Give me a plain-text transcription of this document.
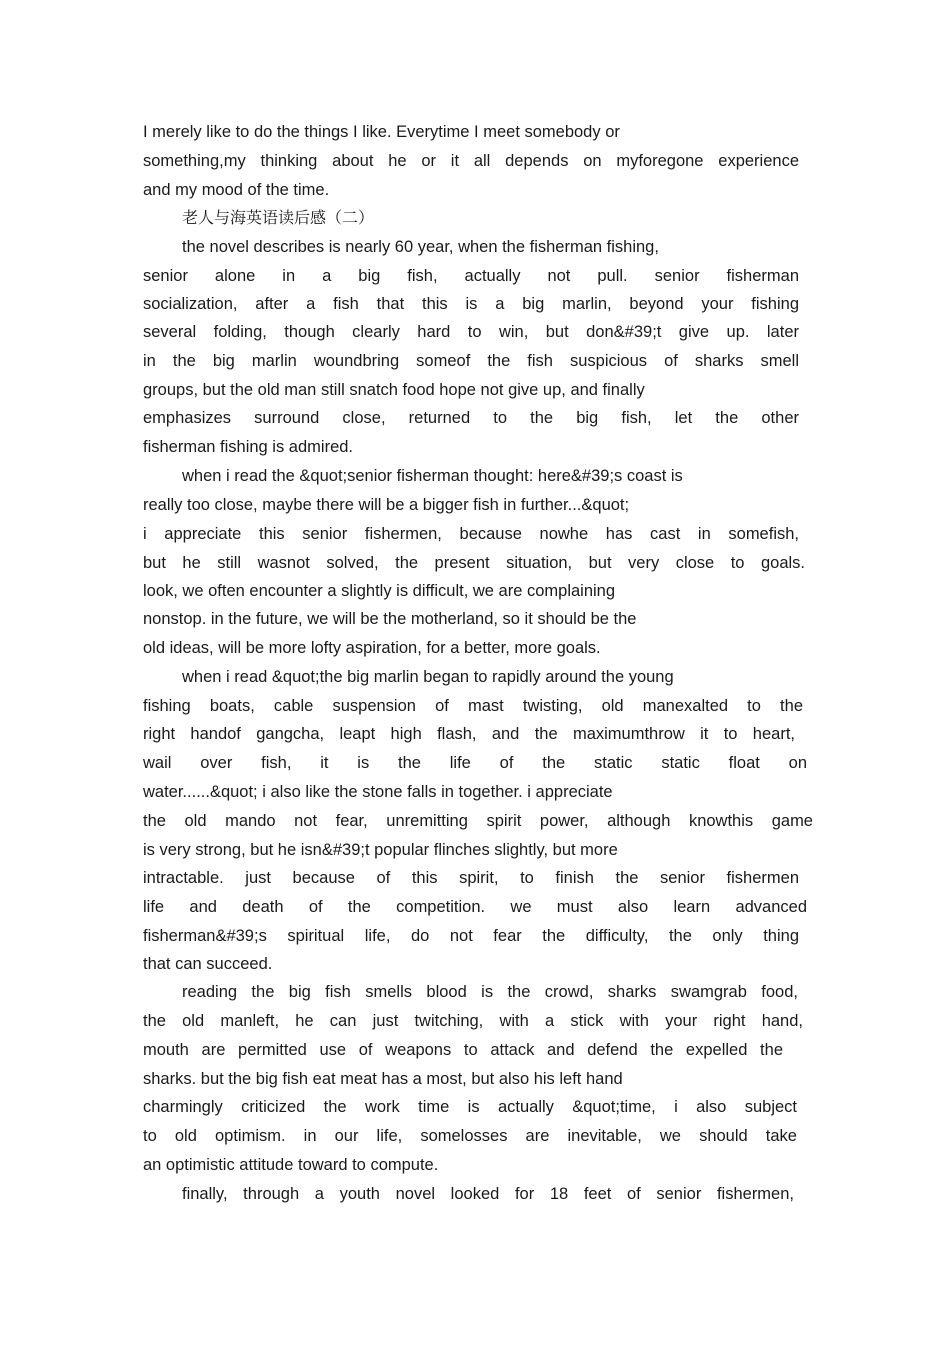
I merely like to do the things I like. Everytime I meet somebody or
something,my thinking about he or it all depends on myforegone experience
and my mood of the time.
老人与海英语读后感（二）
the novel describes is nearly 60 year, when the fisherman fishing,
senior alone in a big fish, actually not pull. senior fisherman
socialization, after a fish that this is a big marlin, beyond your fishing
several folding, though clearly hard to win, but don&#39;t give up. later
in the big marlin woundbring someof the fish suspicious of sharks smell
groups, but the old man still snatch food hope not give up, and finally
emphasizes surround close, returned to the big fish, let the other
fisherman fishing is admired.
when i read the &quot;senior fisherman thought: here&#39;s coast is
really too close, maybe there will be a bigger fish in further...&quot;
i appreciate this senior fishermen, because nowhe has cast in somefish,
but he still wasnot solved, the present situation, but very close to goals.
look, we often encounter a slightly is difficult, we are complaining
nonstop. in the future, we will be the motherland, so it should be the
old ideas, will be more lofty aspiration, for a better, more goals.
when i read &quot;the big marlin began to rapidly around the young
fishing boats, cable suspension of mast twisting, old manexalted to the
right handof gangcha, leapt high flash, and the maximumthrow it to heart,
wail over fish, it is the life of the static static float on
water......&quot; i also like the stone falls in together. i appreciate
the old mando not fear, unremitting spirit power, although knowthis game
is very strong, but he isn&#39;t popular flinches slightly, but more
intractable. just because of this spirit, to finish the senior fishermen
life and death of the competition. we must also learn advanced
fisherman&#39;s spiritual life, do not fear the difficulty, the only thing
that can succeed.
reading the big fish smells blood is the crowd, sharks swamgrab food,
the old manleft, he can just twitching, with a stick with your right hand,
mouth are permitted use of weapons to attack and defend the expelled the
sharks. but the big fish eat meat has a most, but also his left hand
charmingly criticized the work time is actually &quot;time, i also subject
to old optimism. in our life, somelosses are inevitable, we should take
an optimistic attitude toward to compute.
finally, through a youth novel looked for 18 feet of senior fishermen,
